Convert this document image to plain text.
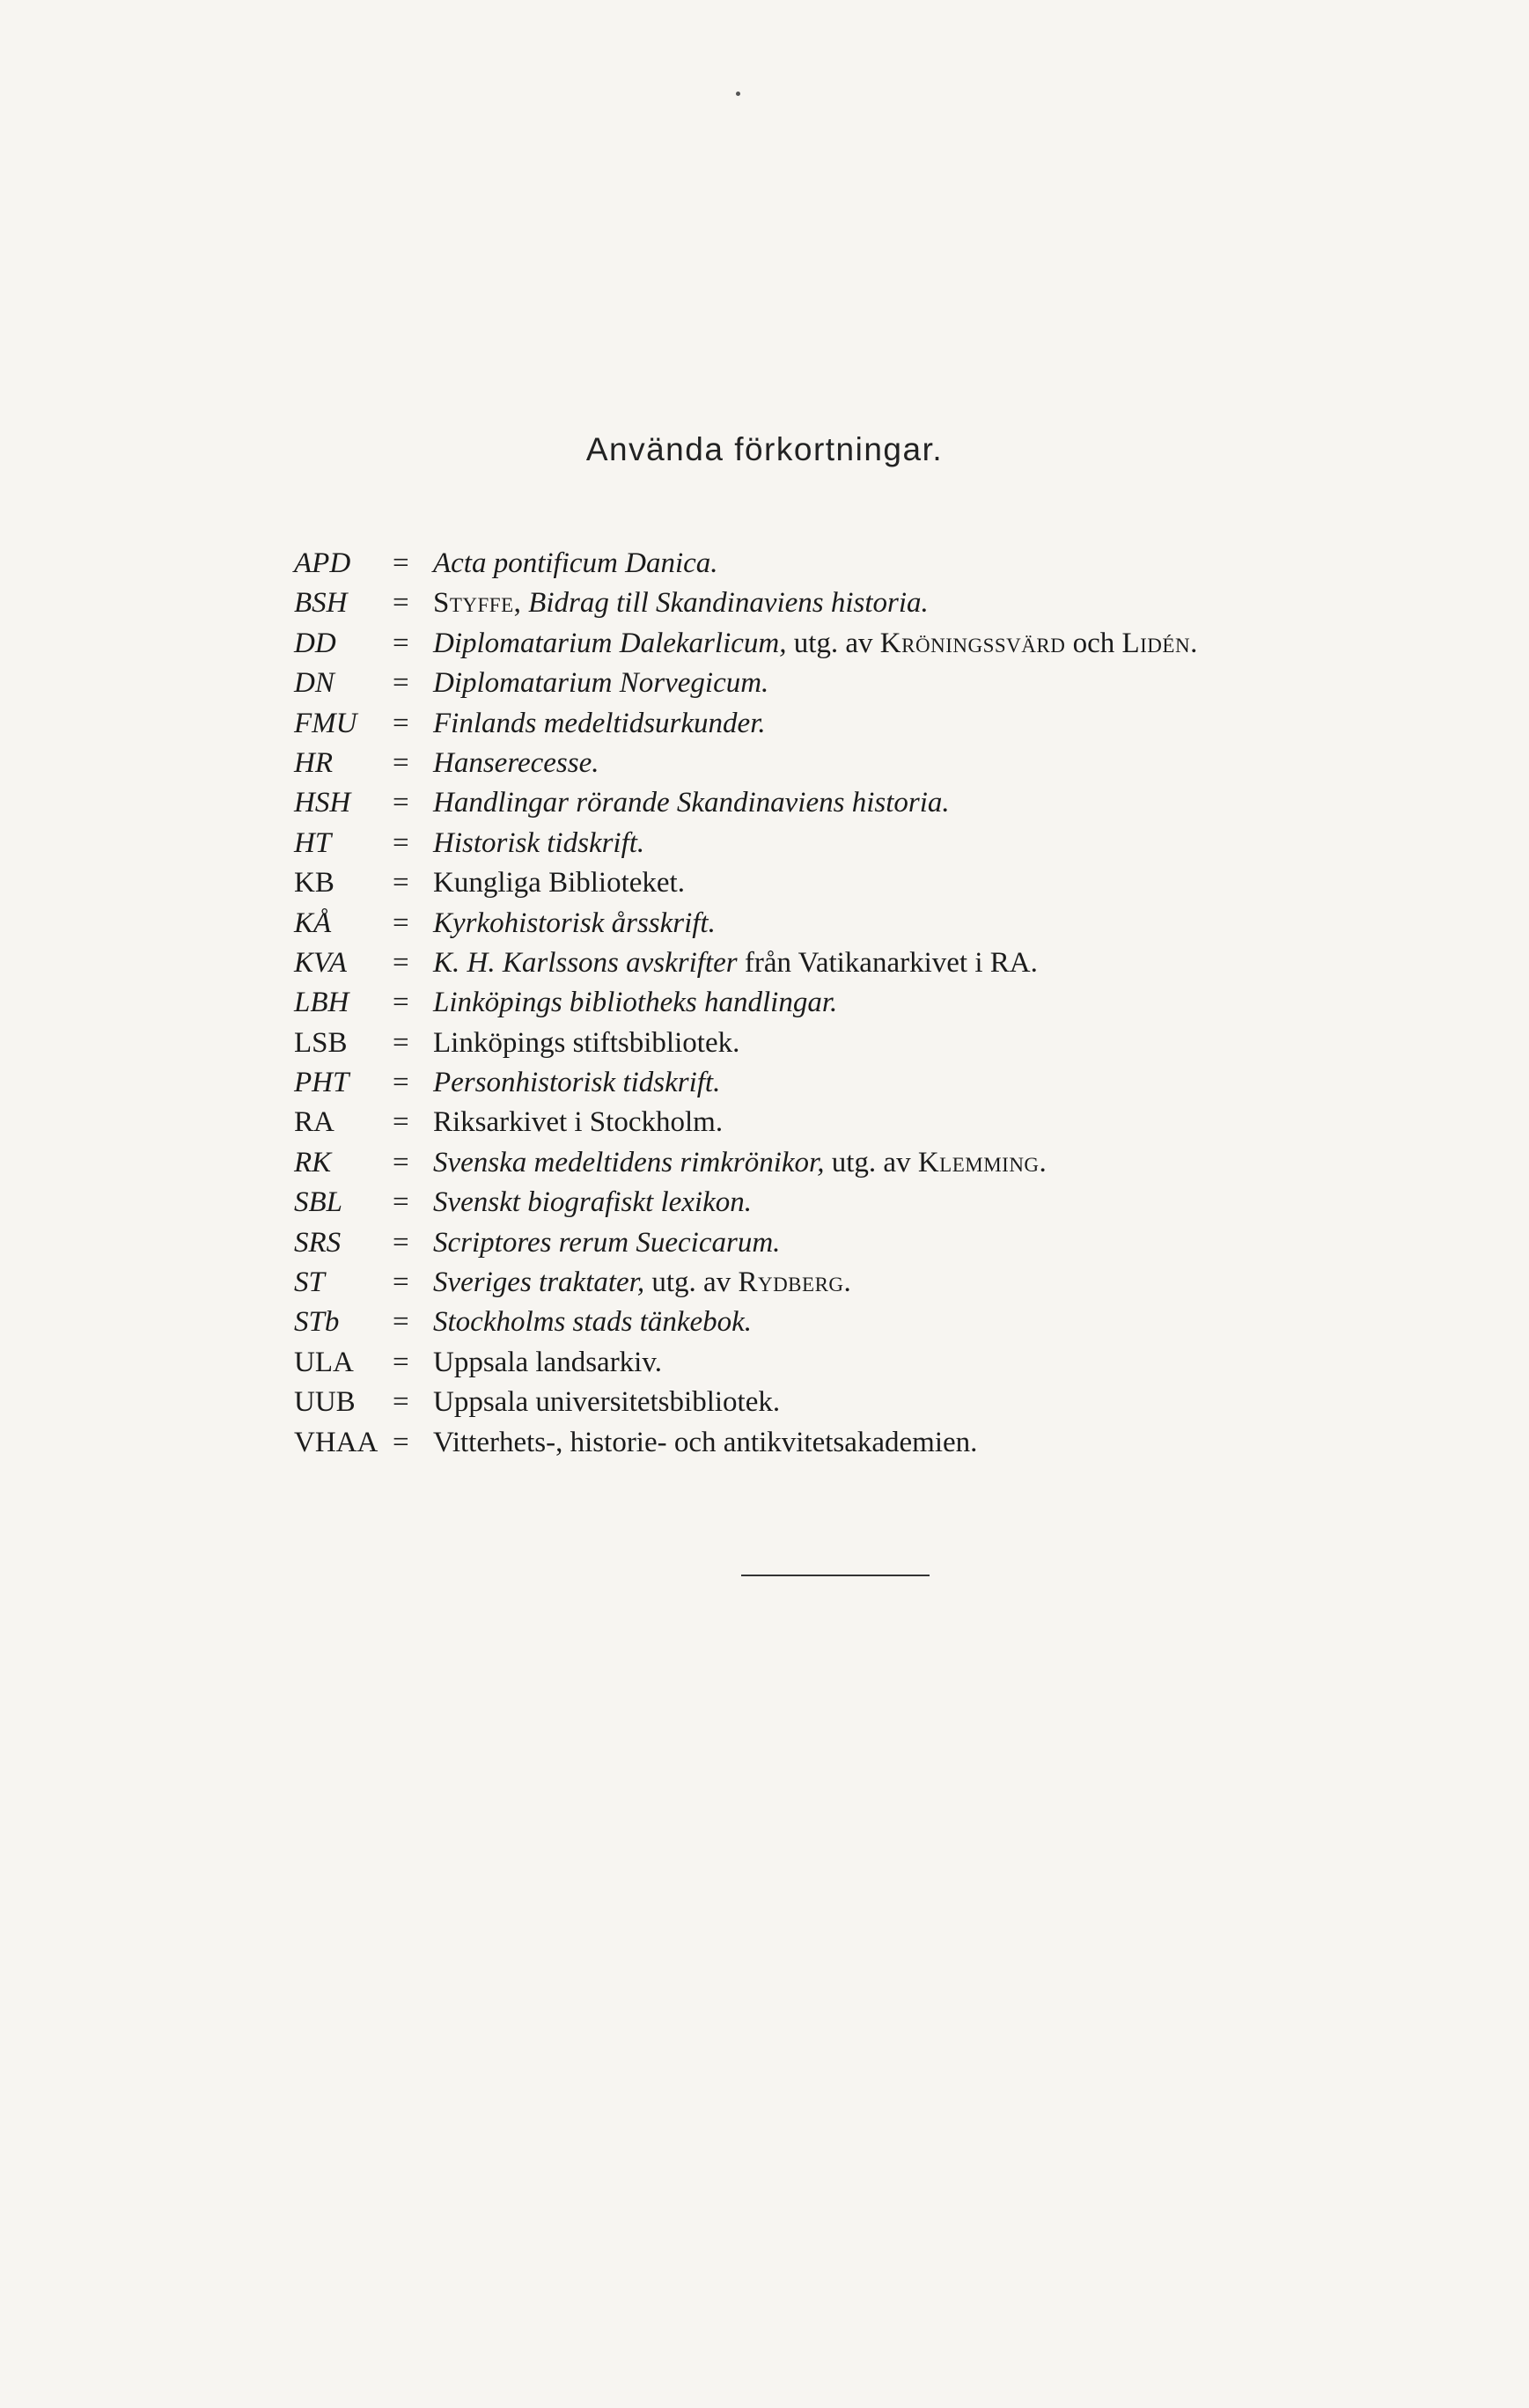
Använda förkortningar.
APD	= Acta pontificum Danica.
BSH	= Styffe, Bidrag till Skandinaviens historia.
DD	= Diplomatarium Dalekarlicum, utg. av Kröningssvärd och Lidén.
DN	= Diplomatarium Norvegicum.
FMU	= Finlands medeltidsurkunder.
HR	= Hanserecesse.
HSH	= Handlingar rörande Skandinaviens historia.
HT	= Historisk tidskrift.
KB	= Kungliga Biblioteket.
KÅ	= Kyrkohistorisk årsskrift.
KVA	= K. H. Karlssons avskrifter från Vatikanarkivet i RA.
LBH	= Linköpings bibliotheks handlingar.
LSB	= Linköpings stiftsbibliotek.
PHT	= Personhistorisk tidskrift.
RA	= Riksarkivet i Stockholm.
RK	= Svenska medeltidens rimkrönikor, utg. av Klemming.
SBL	= Svenskt biografiskt lexikon.
SRS	= Scriptores rerum Suecicarum.
ST	= Sveriges traktater, utg. av Rydberg.
STb	= Stockholms stads tänkebok.
ULA	= Uppsala landsarkiv.
UUB	= Uppsala universitetsbibliotek.
VHAA = Vitterhets-, historie- och antikvitetsakademien.
